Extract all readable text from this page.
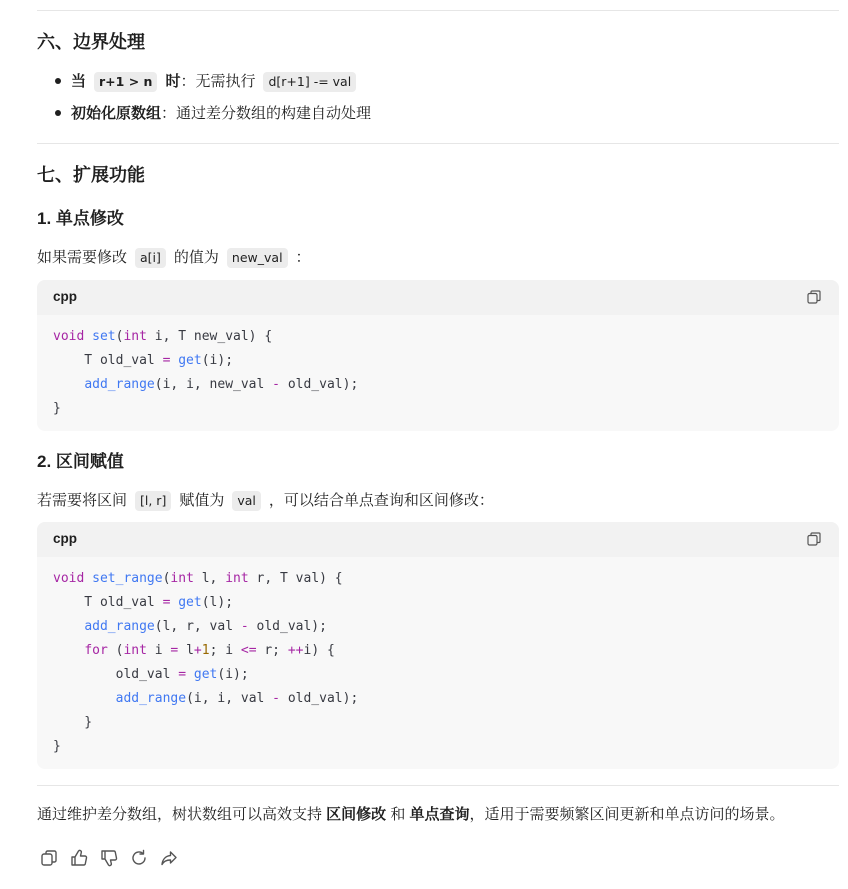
六、边界处理
当 r+1 > n 时：无需执行 d[r+1] -= val
初始化原数组：通过差分数组的构建自动处理
七、扩展功能
1. 单点修改
如果需要修改 a[i] 的值为 new_val ：
cpp
void set(int i, T new_val) {
T old_val = get(i);
add_range(i, i, new_val - old_val);
}
2. 区间赋值
若需要将区间 [l, r] 赋值为 val ，可以结合单点查询和区间修改：
cpp
void set_range(int l, int r, T val) {
T old_val = get(l);
add_range(l, r, val - old_val);
for (int i = l+1; i <= r; ++i) {
old_val = get(i);
add_range(i, i, val - old_val);
}
}
通过维护差分数组，树状数组可以高效支持 区间修改 和 单点查询，适用于需要频繁区间更新和单点访问的场景。
